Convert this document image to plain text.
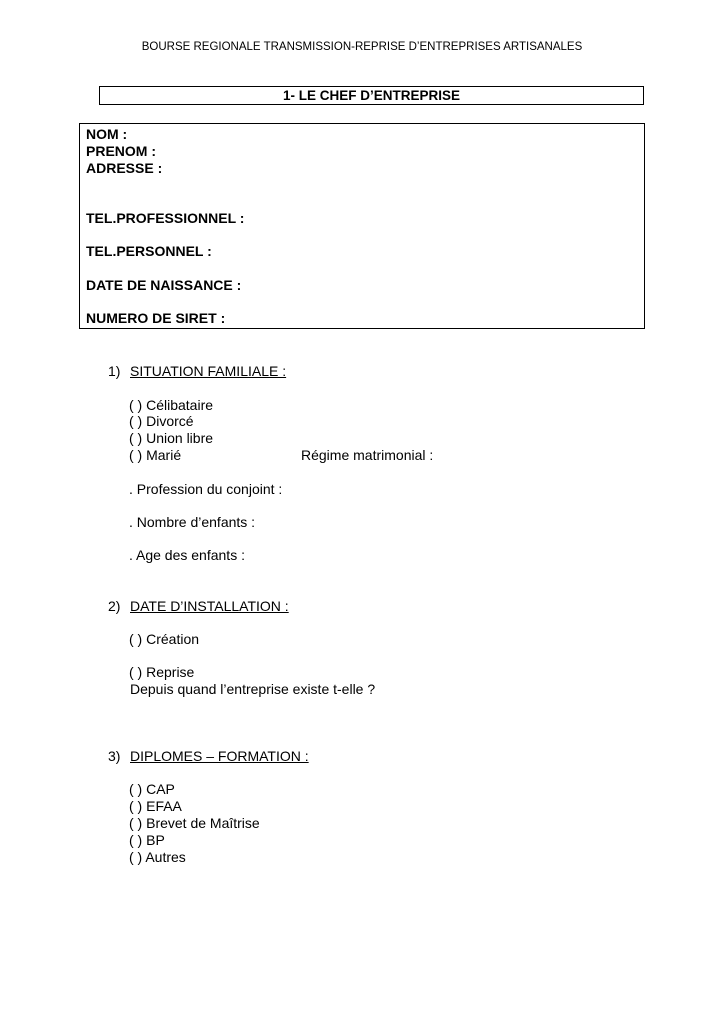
BOURSE REGIONALE TRANSMISSION-REPRISE D’ENTREPRISES ARTISANALES
1- LE CHEF D’ENTREPRISE
NOM :
PRENOM :
ADRESSE :
TEL.PROFESSIONNEL :
TEL.PERSONNEL :
DATE DE NAISSANCE :
NUMERO DE SIRET :
1) SITUATION FAMILIALE :
( ) Célibataire
( ) Divorcé
( ) Union libre
( ) Marié	Régime matrimonial :
. Profession du conjoint :
. Nombre d’enfants :
. Age des enfants :
2) DATE D’INSTALLATION :
( ) Création
( ) Reprise
Depuis quand l’entreprise existe t-elle ?
3) DIPLOMES – FORMATION :
( ) CAP
( ) EFAA
( ) Brevet de Maîtrise
( ) BP
( ) Autres
